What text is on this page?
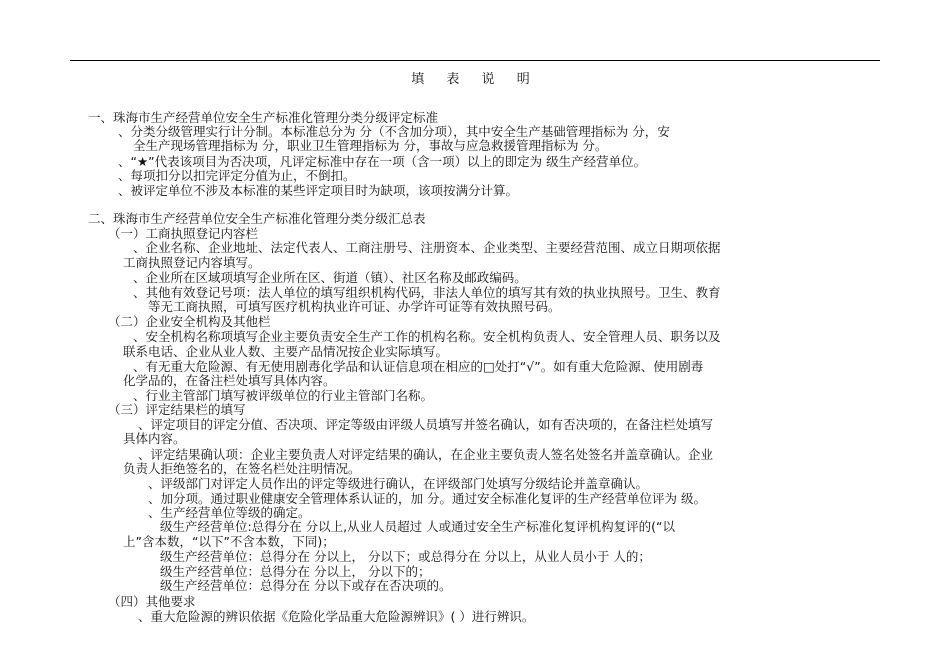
填 表 说 明
一、珠海市生产经营单位安全生产标准化管理分类分级评定标准
、分类分级管理实行计分制。本标准总分为 分（不含加分项），其中安全生产基础管理指标为 分，安
全生产现场管理指标为 分，职业卫生管理指标为 分，事故与应急救援管理指标为 分。
、“★”代表该项目为否决项，凡评定标准中存在一项（含一项）以上的即定为 级生产经营单位。
、每项扣分以扣完评定分值为止，不倒扣。
、被评定单位不涉及本标准的某些评定项目时为缺项，该项按满分计算。
二、珠海市生产经营单位安全生产标准化管理分类分级汇总表
（一）工商执照登记内容栏
、企业名称、企业地址、法定代表人、工商注册号、注册资本、企业类型、主要经营范围、成立日期项依据
工商执照登记内容填写。
、企业所在区域项填写企业所在区、街道（镇）、社区名称及邮政编码。
、其他有效登记号项：法人单位的填写组织机构代码，非法人单位的填写其有效的执业执照号。卫生、教育
等无工商执照，可填写医疗机构执业许可证、办学许可证等有效执照号码。
（二）企业安全机构及其他栏
、安全机构名称项填写企业主要负责安全生产工作的机构名称。安全机构负责人、安全管理人员、职务以及
联系电话、企业从业人数、主要产品情况按企业实际填写。
、有无重大危险源、有无使用剧毒化学品和认证信息项在相应的□处打“√”。如有重大危险源、使用剧毒
化学品的，在备注栏处填写具体内容。
、行业主管部门填写被评级单位的行业主管部门名称。
（三）评定结果栏的填写
、评定项目的评定分值、否决项、评定等级由评级人员填写并签名确认，如有否决项的，在备注栏处填写
具体内容。
、评定结果确认项：企业主要负责人对评定结果的确认，在企业主要负责人签名处签名并盖章确认。企业
负责人拒绝签名的，在签名栏处注明情况。
、评级部门对评定人员作出的评定等级进行确认，在评级部门处填写分级结论并盖章确认。
、加分项。通过职业健康安全管理体系认证的，加 分。通过安全标准化复评的生产经营单位评为 级。
、生产经营单位等级的确定。
级生产经营单位:总得分在 分以上,从业人员超过 人或通过安全生产标准化复评机构复评的(“以
上”含本数，“以下”不含本数，下同)；
级生产经营单位：总得分在 分以上， 分以下；或总得分在 分以上，从业人员小于 人的；
级生产经营单位：总得分在 分以上， 分以下的；
级生产经营单位：总得分在 分以下或存在否决项的。
（四）其他要求
、重大危险源的辨识依据《危险化学品重大危险源辨识》( ）进行辨识。
